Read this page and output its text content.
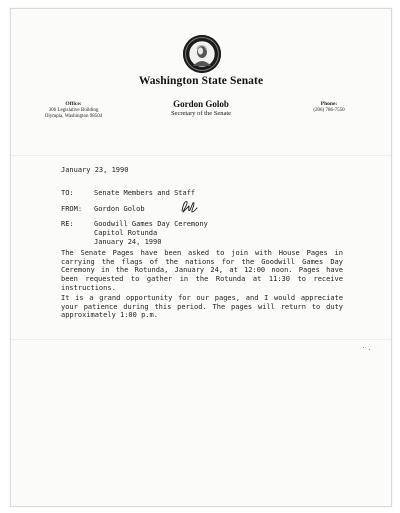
Washington State Senate
Office:
306 Legislative Building
Olympia, Washington 98504
Gordon Golob
Secretary of the Senate
Phone:
(206) 786-7550
January 23, 1990
TO:	Senate Members and Staff
FROM: Gordon Golob
RE:	Goodwill Games Day Ceremony
Capitol Rotunda
January 24, 1990

The Senate Pages have been asked to join with House Pages in carrying the flags of the nations for the Goodwill Games Day Ceremony in the Rotunda, January 24, at 12:00 noon. Pages have been requested to gather in the Rotunda at 11:30 to receive instructions.

It is a grand opportunity for our pages, and I would appreciate your patience during this period. The pages will return to duty approximately 1:00 p.m.
